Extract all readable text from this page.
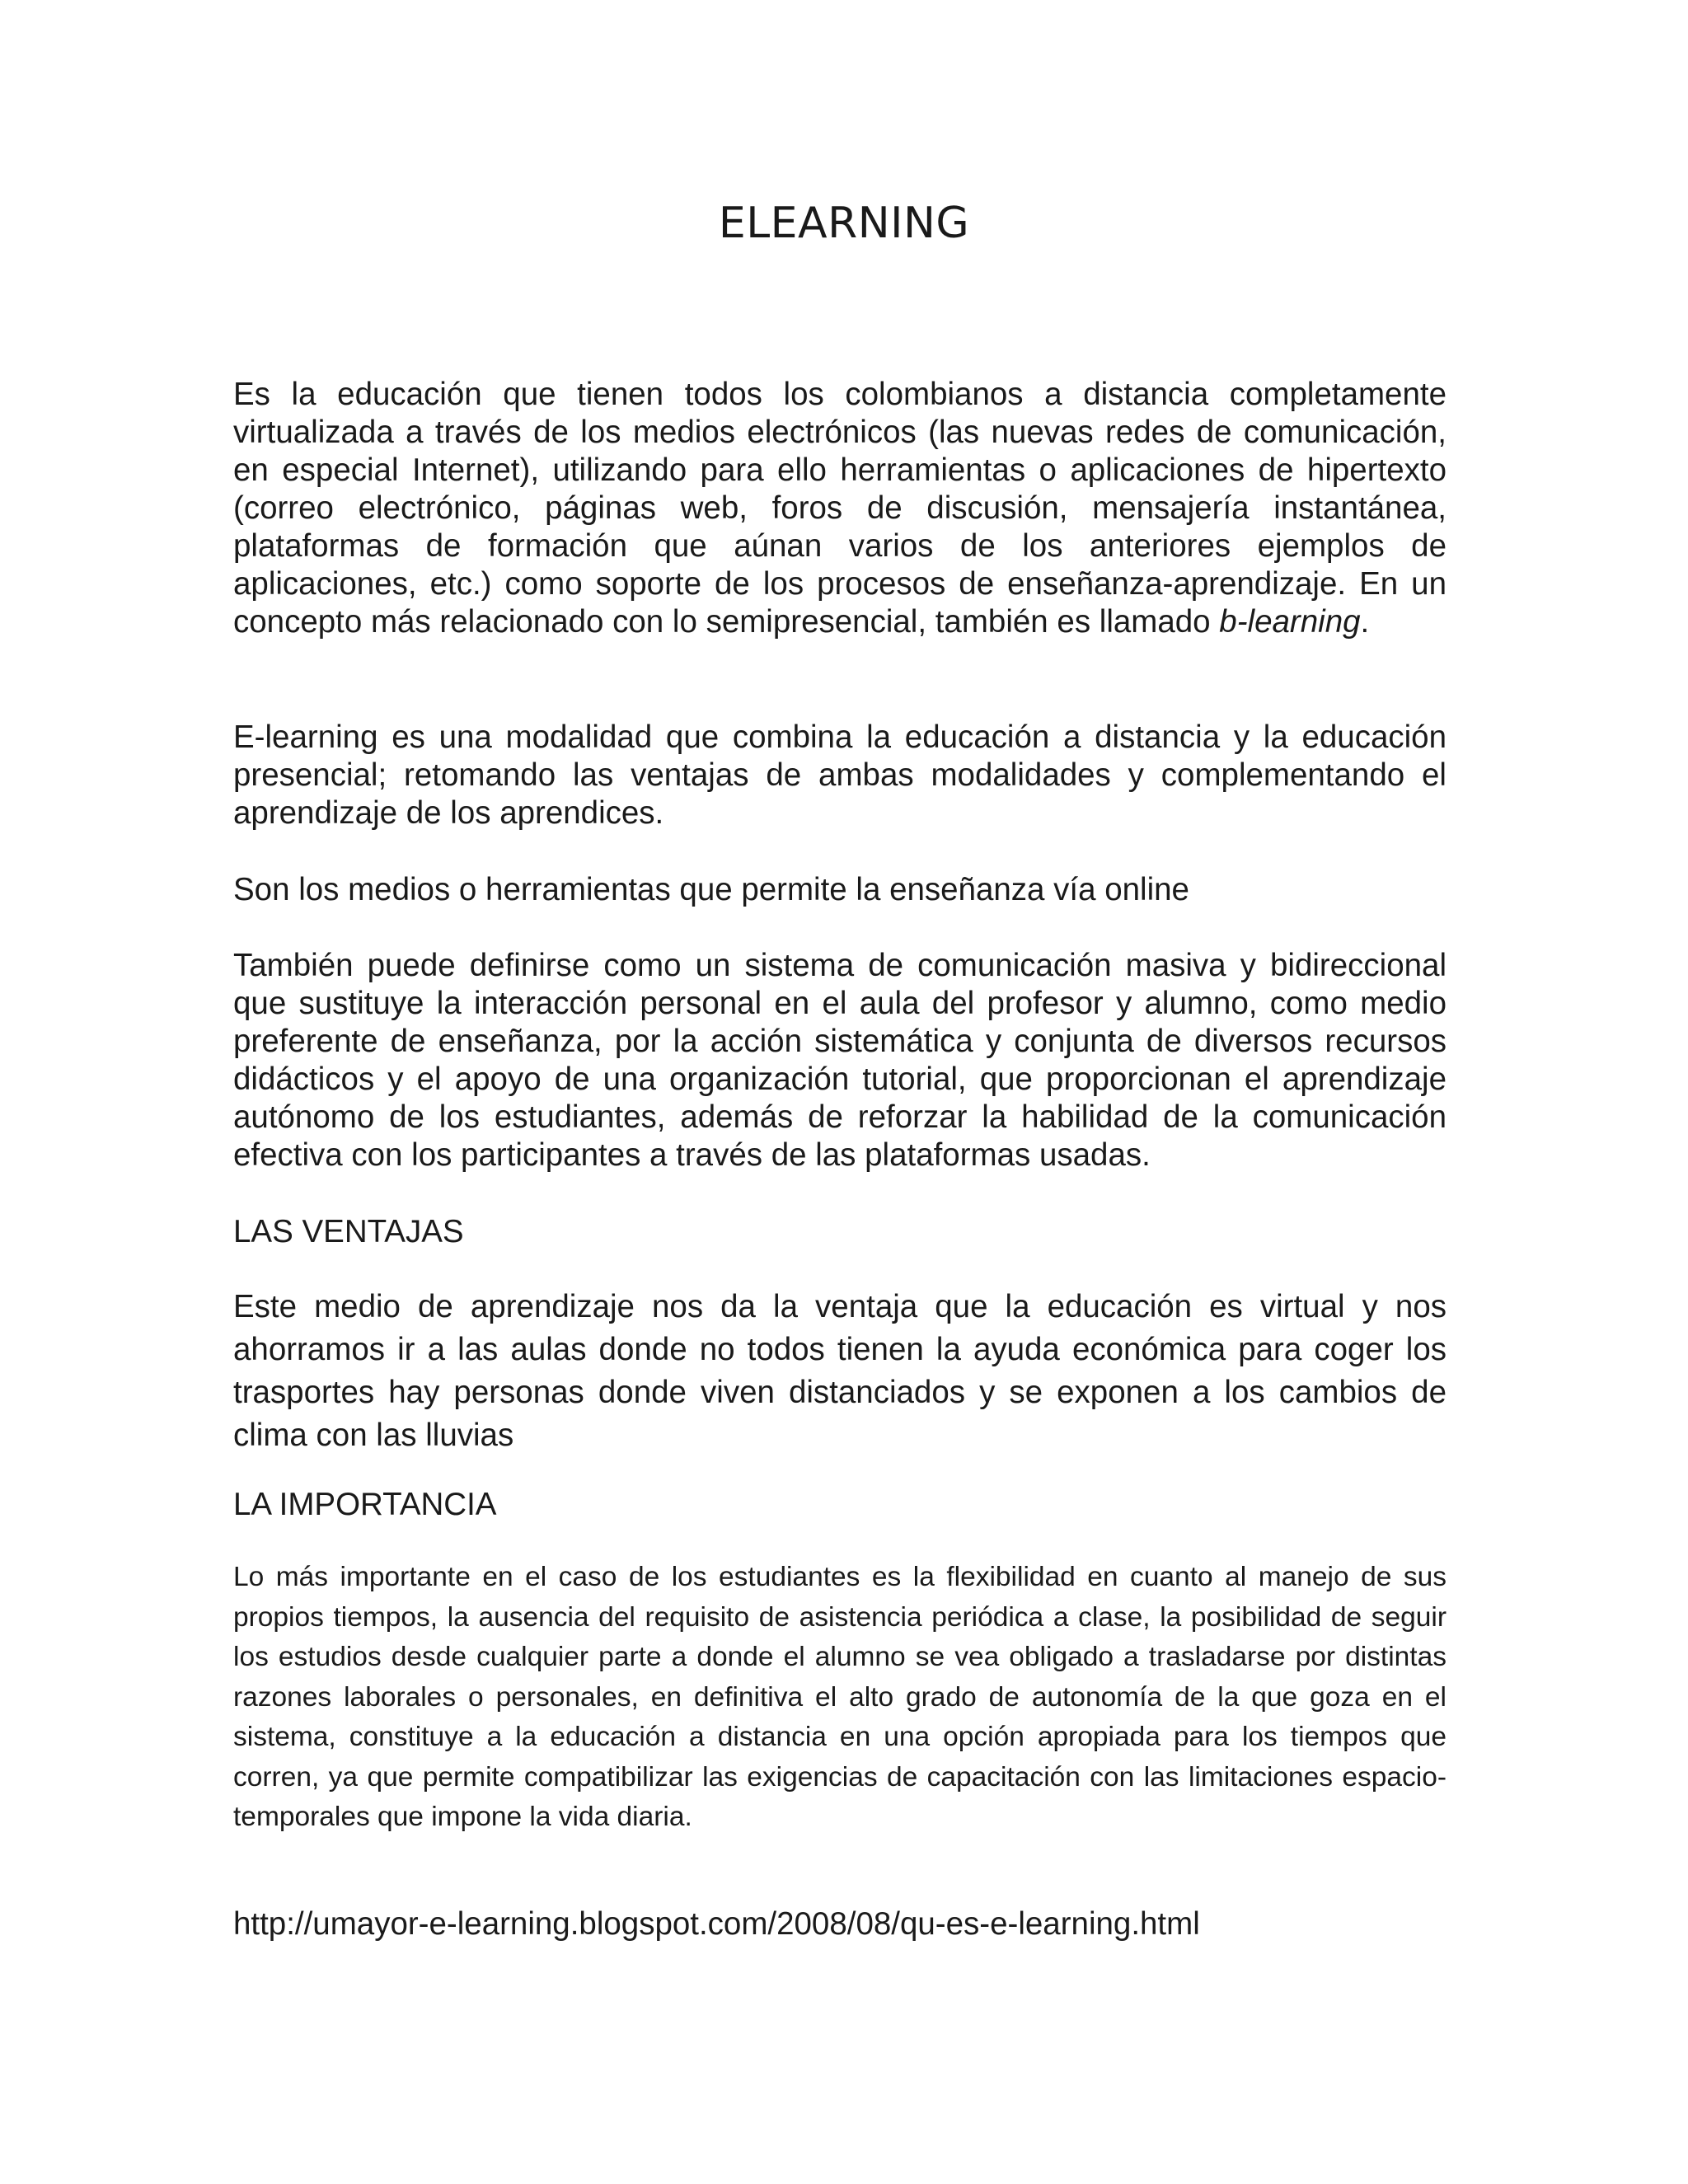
ELEARNING

Es la educación que tienen todos los colombianos a distancia completamente virtualizada a través de los medios electrónicos (las nuevas redes de comunicación, en especial Internet), utilizando para ello herramientas o aplicaciones de hipertexto (correo electrónico, páginas web, foros de discusión, mensajería instantánea, plataformas de formación que aúnan varios de los anteriores ejemplos de aplicaciones, etc.) como soporte de los procesos de enseñanza-aprendizaje. En un concepto más relacionado con lo semipresencial, también es llamado b-learning.

E-learning es una modalidad que combina la educación a distancia y la educación presencial; retomando las ventajas de ambas modalidades y complementando el aprendizaje de los aprendices.

Son los medios o herramientas que permite la enseñanza vía online

También puede definirse como un sistema de comunicación masiva y bidireccional que sustituye la interacción personal en el aula del profesor y alumno, como medio preferente de enseñanza, por la acción sistemática y conjunta de diversos recursos didácticos y el apoyo de una organización tutorial, que proporcionan el aprendizaje autónomo de los estudiantes, además de reforzar la habilidad de la comunicación efectiva con los participantes a través de las plataformas usadas.

LAS VENTAJAS

Este medio de aprendizaje nos da la ventaja que la educación es virtual y nos ahorramos ir a las aulas donde no todos tienen la ayuda económica para coger los trasportes hay personas donde viven distanciados y se exponen a los cambios de clima con las lluvias

LA IMPORTANCIA

Lo más importante en el caso de los estudiantes es la flexibilidad en cuanto al manejo de sus propios tiempos, la ausencia del requisito de asistencia periódica a clase, la posibilidad de seguir los estudios desde cualquier parte a donde el alumno se vea obligado a trasladarse por distintas razones laborales o personales, en definitiva el alto grado de autonomía de la que goza en el sistema, constituye a la educación a distancia en una opción apropiada para los tiempos que corren, ya que permite compatibilizar las exigencias de capacitación con las limitaciones espacio-temporales que impone la vida diaria.

http://umayor-e-learning.blogspot.com/2008/08/qu-es-e-learning.html
